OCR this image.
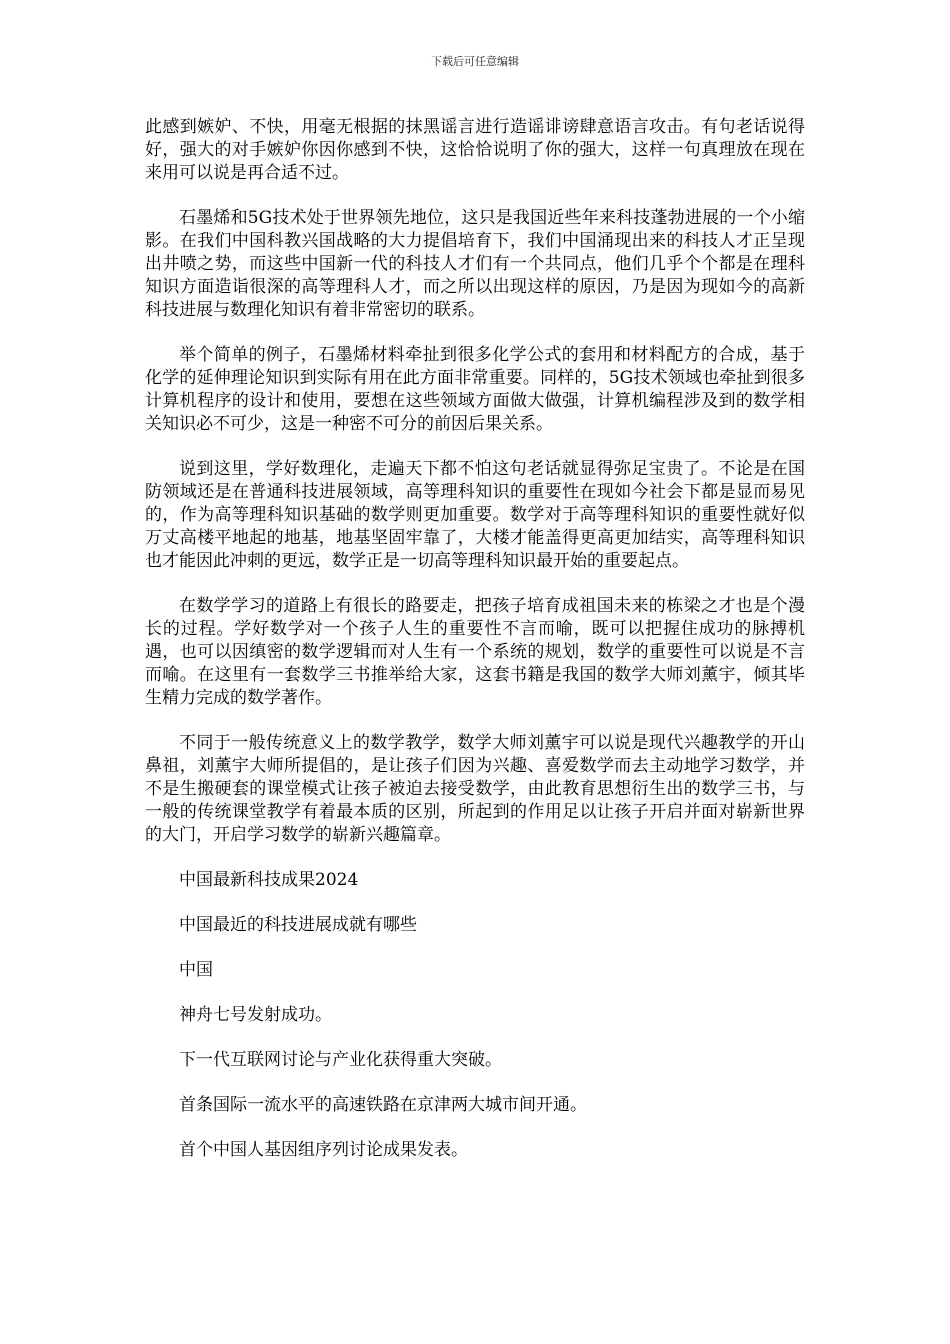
下载后可任意编辑

此感到嫉妒、不快，用毫无根据的抹黑谣言进行造谣诽谤肆意语言攻击。有句老话说得好，强大的对手嫉妒你因你感到不快，这恰恰说明了你的强大，这样一句真理放在现在来用可以说是再合适不过。

石墨烯和5G技术处于世界领先地位，这只是我国近些年来科技蓬勃进展的一个小缩影。在我们中国科教兴国战略的大力提倡培育下，我们中国涌现出来的科技人才正呈现出井喷之势，而这些中国新一代的科技人才们有一个共同点，他们几乎个个都是在理科知识方面造诣很深的高等理科人才，而之所以出现这样的原因，乃是因为现如今的高新科技进展与数理化知识有着非常密切的联系。

举个简单的例子，石墨烯材料牵扯到很多化学公式的套用和材料配方的合成，基于化学的延伸理论知识到实际有用在此方面非常重要。同样的，5G技术领域也牵扯到很多计算机程序的设计和使用，要想在这些领域方面做大做强，计算机编程涉及到的数学相关知识必不可少，这是一种密不可分的前因后果关系。

说到这里，学好数理化，走遍天下都不怕这句老话就显得弥足宝贵了。不论是在国防领域还是在普通科技进展领域，高等理科知识的重要性在现如今社会下都是显而易见的，作为高等理科知识基础的数学则更加重要。数学对于高等理科知识的重要性就好似万丈高楼平地起的地基，地基坚固牢靠了，大楼才能盖得更高更加结实，高等理科知识也才能因此冲刺的更远，数学正是一切高等理科知识最开始的重要起点。

在数学学习的道路上有很长的路要走，把孩子培育成祖国未来的栋梁之才也是个漫长的过程。学好数学对一个孩子人生的重要性不言而喻，既可以把握住成功的脉搏机遇，也可以因缜密的数学逻辑而对人生有一个系统的规划，数学的重要性可以说是不言而喻。在这里有一套数学三书推举给大家，这套书籍是我国的数学大师刘薰宇，倾其毕生精力完成的数学著作。

不同于一般传统意义上的数学教学，数学大师刘薰宇可以说是现代兴趣教学的开山鼻祖，刘薰宇大师所提倡的，是让孩子们因为兴趣、喜爱数学而去主动地学习数学，并不是生搬硬套的课堂模式让孩子被迫去接受数学，由此教育思想衍生出的数学三书，与一般的传统课堂教学有着最本质的区别，所起到的作用足以让孩子开启并面对崭新世界的大门，开启学习数学的崭新兴趣篇章。

中国最新科技成果2024

中国最近的科技进展成就有哪些

中国

神舟七号发射成功。

下一代互联网讨论与产业化获得重大突破。

首条国际一流水平的高速铁路在京津两大城市间开通。

首个中国人基因组序列讨论成果发表。
